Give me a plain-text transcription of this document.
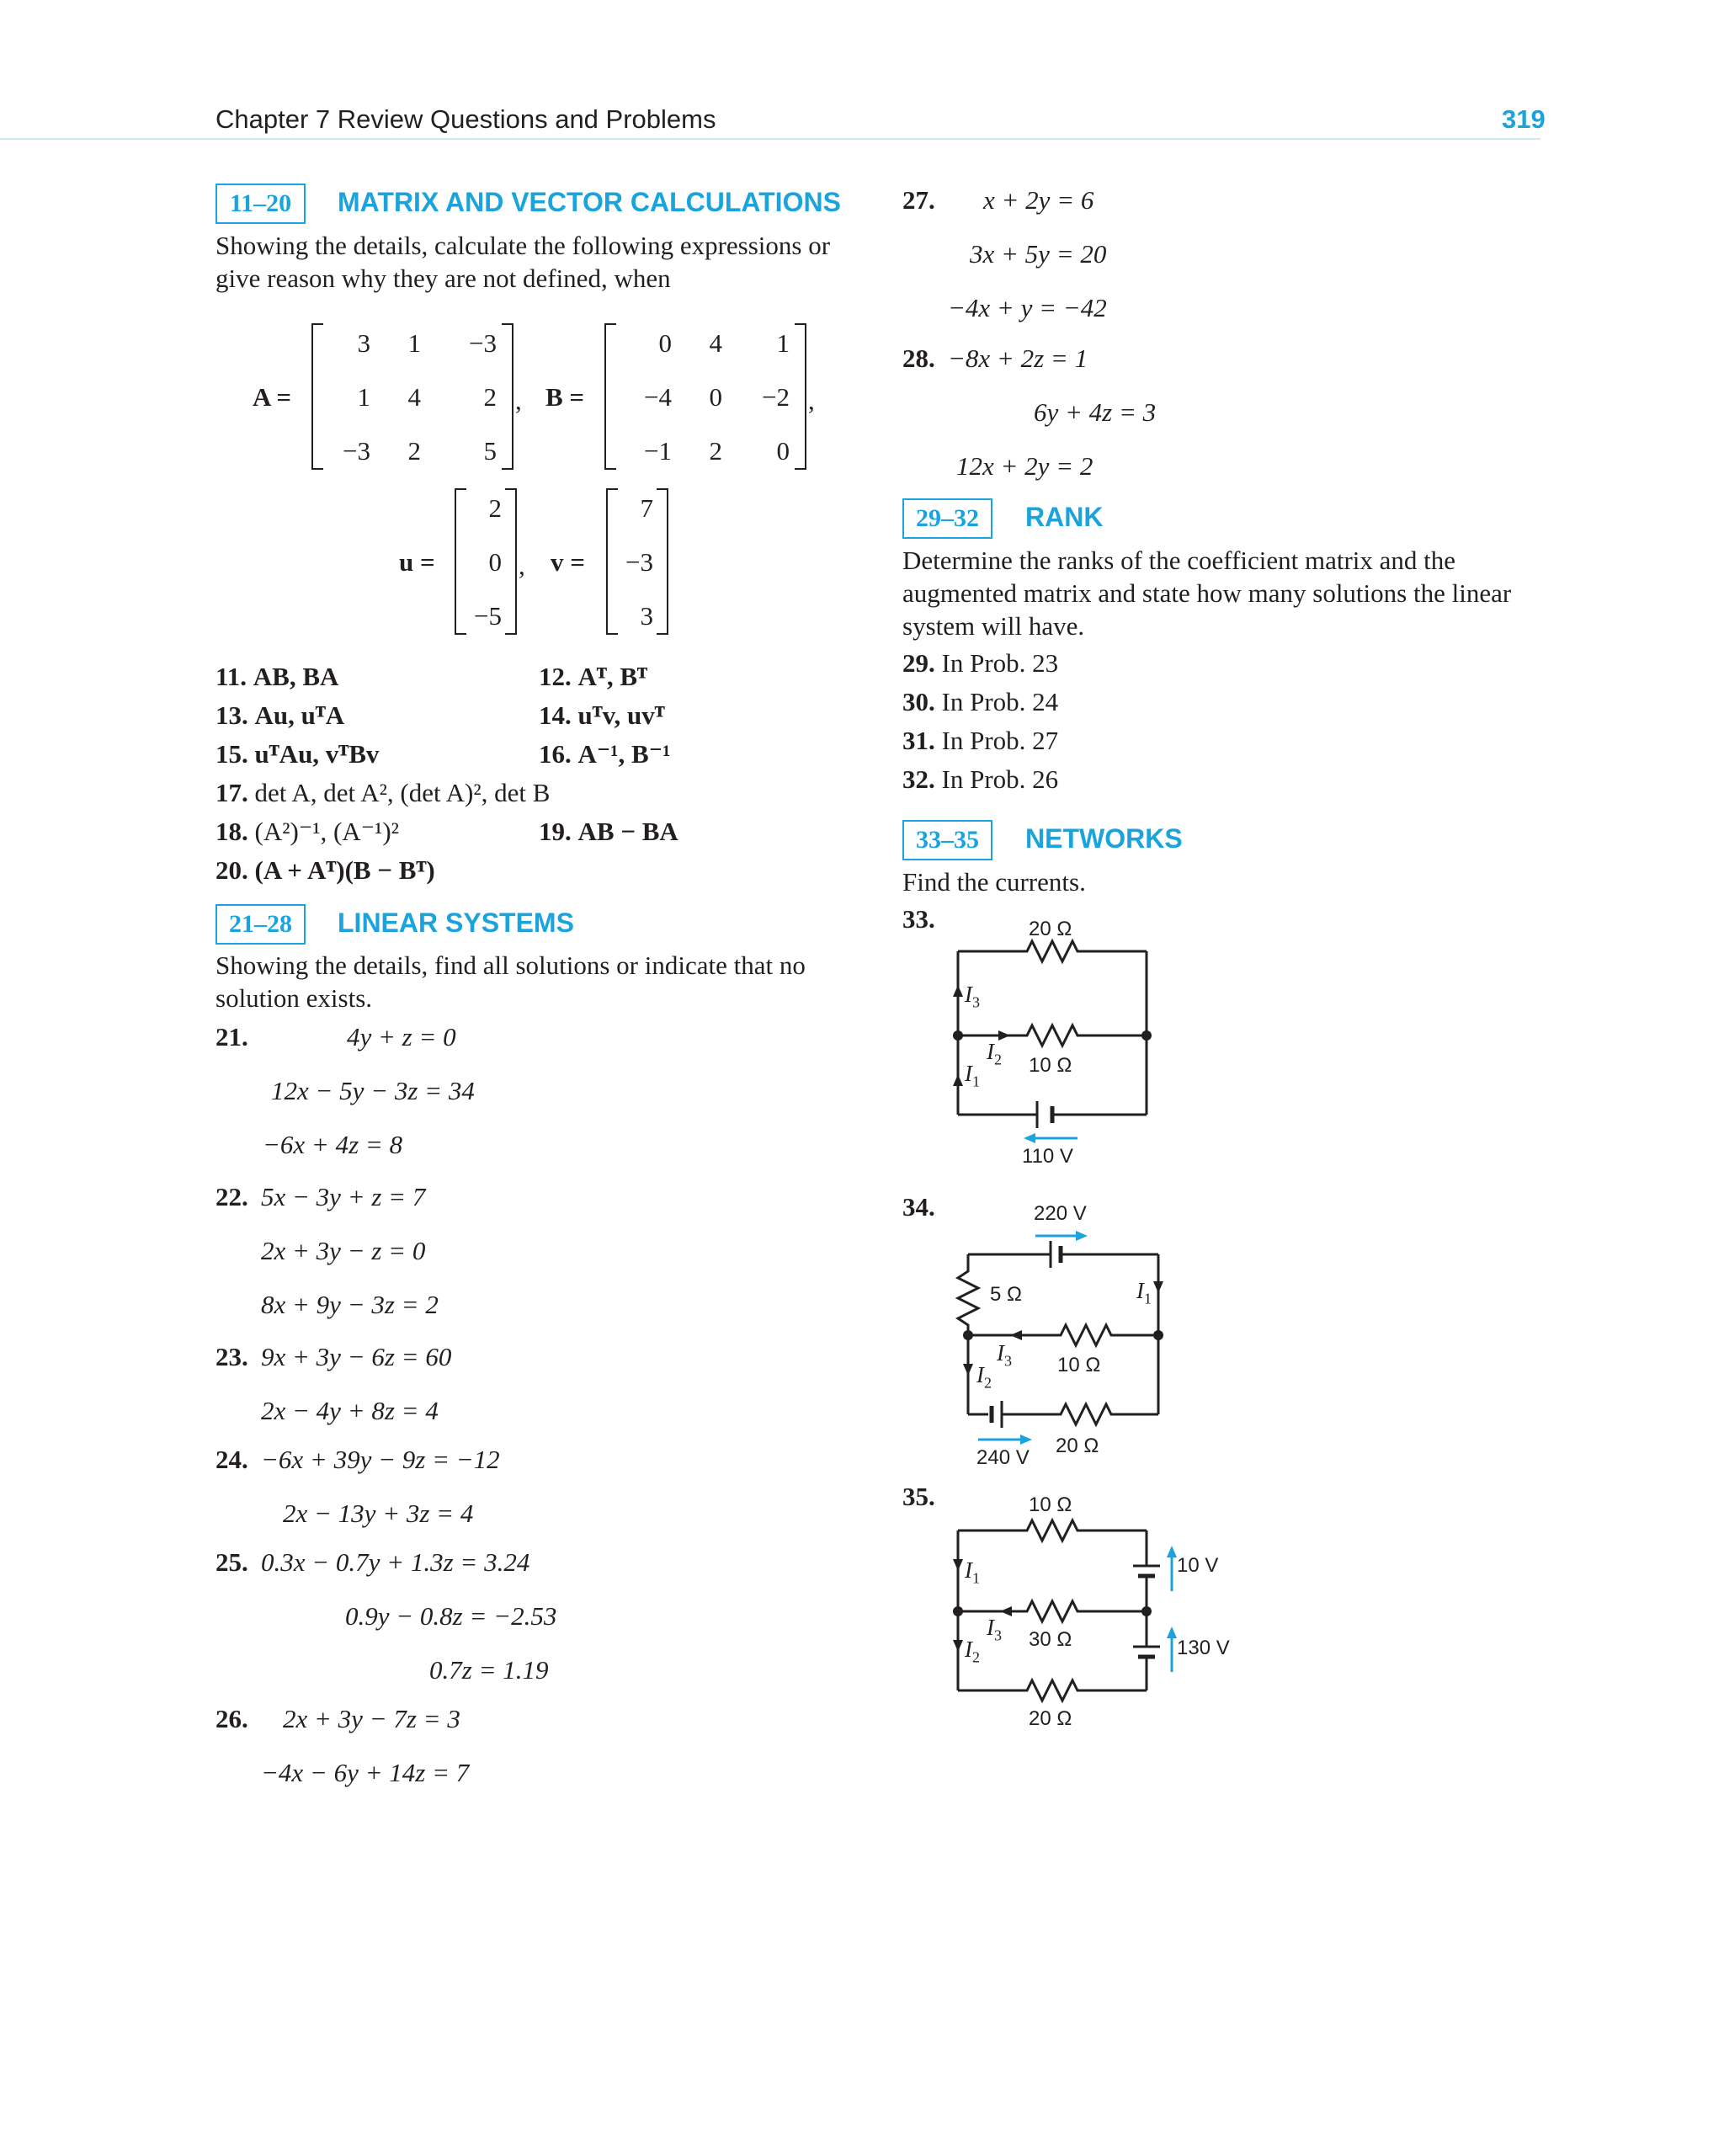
Chapter 7 Review Questions and Problems	319
11–20	MATRIX AND VECTOR CALCULATIONS
Showing the details, calculate the following expressions or
give reason why they are not defined, when
A =
3	1	−3
1	4	2
−3	2	5
, B =
0	4	1
−4	0	−2
−1	2	0
,
u =
2
0
−5
, v =
7
−3
3
11. AB, BA	12. Aᵀ, Bᵀ
13. Au, uᵀA	14. uᵀv, uvᵀ
15. uᵀAu, vᵀBv	16. A⁻¹, B⁻¹
17. det A, det A², (det A)², det B
18. (A²)⁻¹, (A⁻¹)²	19. AB − BA
20. (A + Aᵀ)(B − Bᵀ)
21–28	LINEAR SYSTEMS
Showing the details, find all solutions or indicate that no
solution exists.
21.	4y + z = 0
12x − 5y − 3z = 34
−6x + 4z = 8
22. 5x − 3y + z = 7
2x + 3y − z = 0
8x + 9y − 3z = 2
23. 9x + 3y − 6z = 60
2x − 4y + 8z = 4
24. −6x + 39y − 9z = −12
2x − 13y + 3z = 4
25. 0.3x − 0.7y + 1.3z = 3.24
0.9y − 0.8z = −2.53
0.7z = 1.19
26. 2x + 3y − 7z = 3
−4x − 6y + 14z = 7
27. x + 2y = 6
3x + 5y = 20
−4x + y = −42
28. −8x + 2z = 1
6y + 4z = 3
12x + 2y = 2
29–32	RANK
Determine the ranks of the coefficient matrix and the
augmented matrix and state how many solutions the linear
system will have.
29. In Prob. 23
30. In Prob. 24
31. In Prob. 27
32. In Prob. 26
33–35	NETWORKS
Find the currents.
33.	20 Ω
10 Ω
110 V
$I_3$
$I_2$
$I_1$
34.	220 V
5 Ω	$I_1$
$I_3$ 10 Ω
$I_2$
20 Ω
240 V
35.	10 Ω
$I_1$
10 V
$I_3$ 30 Ω
$I_2$	130 V
20 Ω
